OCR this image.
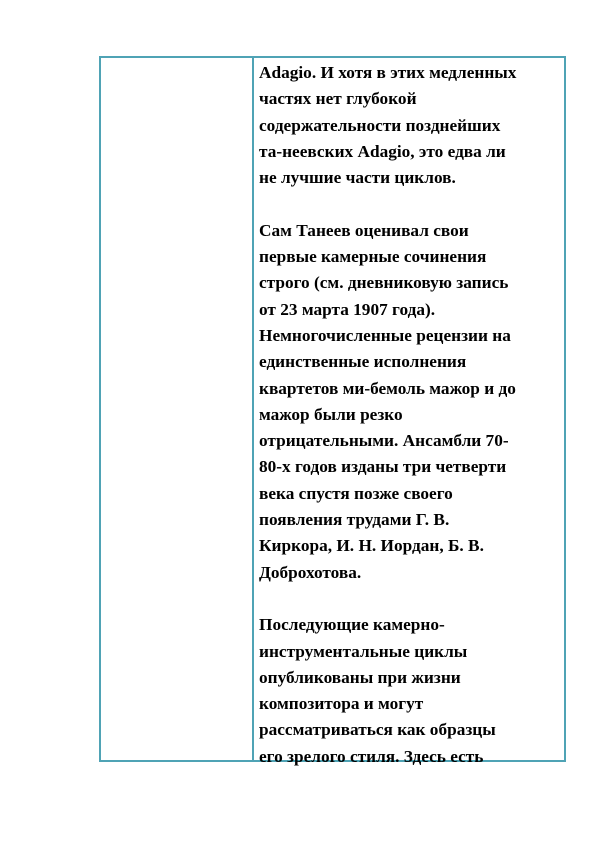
Adagio. И хотя в этих медленных
частях нет глубокой
содержательности позднейших
та-неевских Adagio, это едва ли
не лучшие части циклов.

Сам Танеев оценивал свои
первые камерные сочинения
строго (см. дневниковую запись
от 23 марта 1907 года).
Немногочисленные рецензии на
единственные исполнения
квартетов ми-бемоль мажор и до
мажор были резко
отрицательными. Ансамбли 70-
80-х годов изданы три четверти
века спустя позже своего
появления трудами Г. В.
Киркора, И. Н. Иордан, Б. В.
Доброхотова.

Последующие камерно-
инструментальные циклы
опубликованы при жизни
композитора и могут
рассматриваться как образцы
его зрелого стиля. Здесь есть
